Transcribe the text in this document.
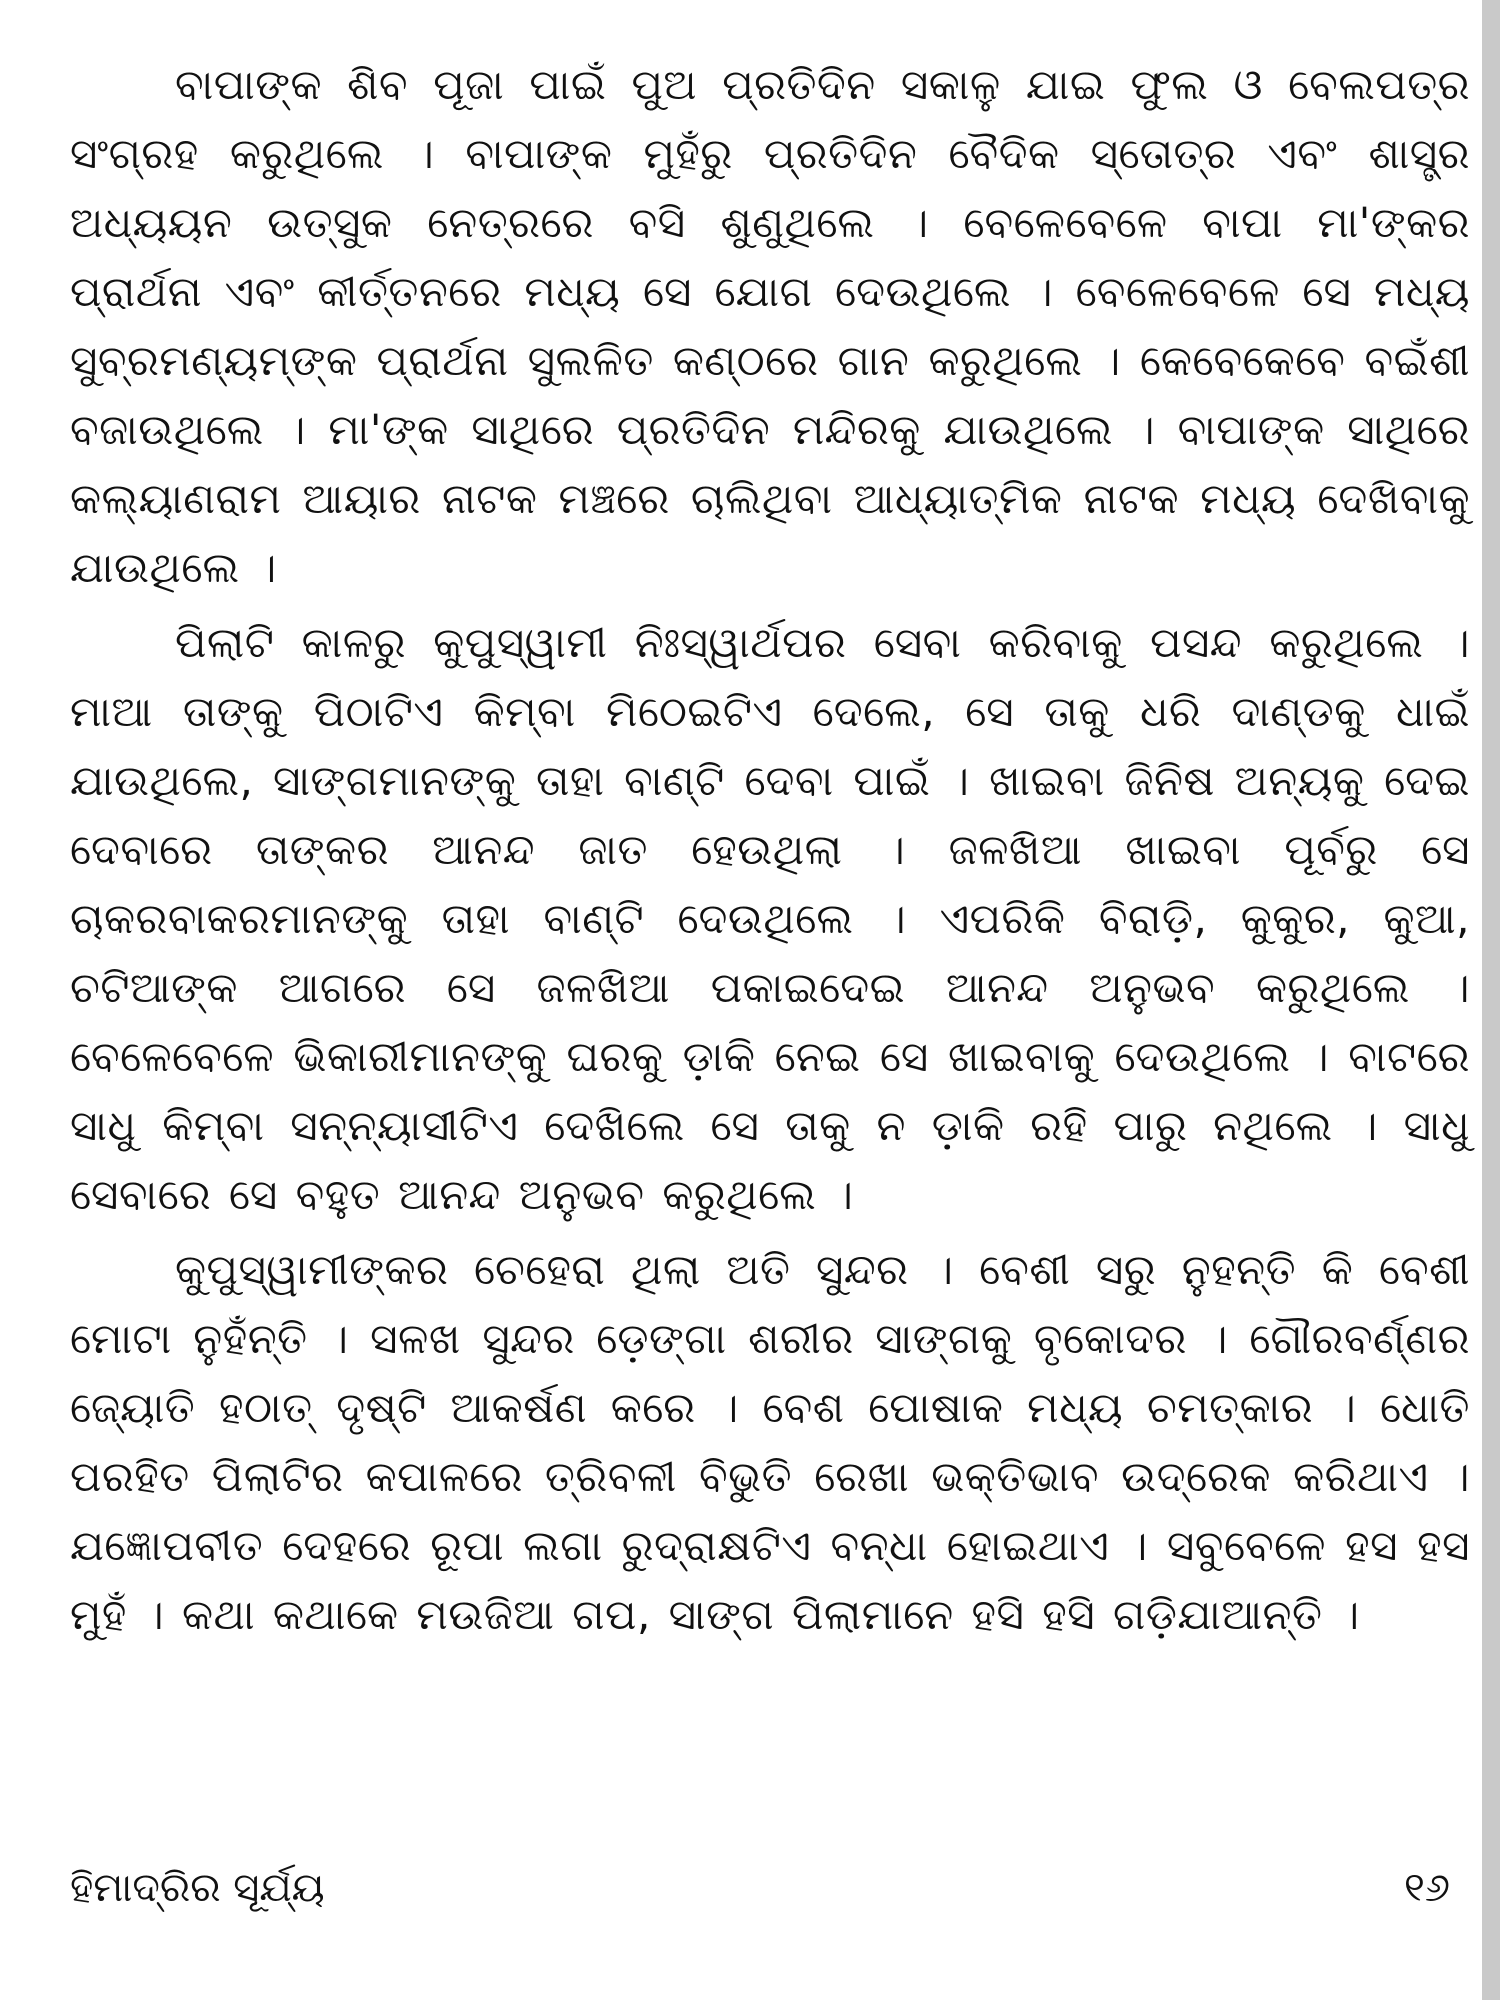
ବାପାଙ୍କ ଶିବ ପୂଜା ପାଇଁ ପୁଅ ପ୍ରତିଦିନ ସକାଳୁ ଯାଇ ଫୁଲ ଓ ବେଲପତ୍ର ସଂଗ୍ରହ କରୁଥିଲେ । ବାପାଙ୍କ ମୁହଁରୁ ପ୍ରତିଦିନ ବୈଦିକ ସ୍ତୋତ୍ର ଏବଂ ଶାସ୍ତ୍ର ଅଧ୍ୟୟନ ଉତ୍ସୁକ ନେତ୍ରରେ ବସି ଶୁଣୁଥିଲେ । ବେଳେବେଳେ ବାପା ମା'ଙ୍କର ପ୍ରାର୍ଥନା ଏବଂ କୀର୍ତ୍ତନରେ ମଧ୍ୟ ସେ ଯୋଗ ଦେଉଥିଲେ । ବେଳେବେଳେ ସେ ମଧ୍ୟ ସୁବ୍ରମଣ୍ୟମ୍‌ଙ୍କ ପ୍ରାର୍ଥନା ସୁଲଳିତ କଣ୍ଠରେ ଗାନ କରୁଥିଲେ । କେବେକେବେ ବଇଁଶୀ ବଜାଉଥିଲେ । ମା'ଙ୍କ ସାଥିରେ ପ୍ରତିଦିନ ମନ୍ଦିରକୁ ଯାଉଥିଲେ । ବାପାଙ୍କ ସାଥିରେ କଲ୍ୟାଣରାମ ଆୟାର ନାଟକ ମଞ୍ଚରେ ଚାଲିଥିବା ଆଧ୍ୟାତ୍ମିକ ନାଟକ ମଧ୍ୟ ଦେଖିବାକୁ ଯାଉଥିଲେ ।

ପିଲାଟି କାଳରୁ କୁପୁସ୍ୱାମୀ ନିଃସ୍ୱାର୍ଥପର ସେବା କରିବାକୁ ପସନ୍ଦ କରୁଥିଲେ । ମାଆ ତାଙ୍କୁ ପିଠାଟିଏ କିମ୍ବା ମିଠେଇଟିଏ ଦେଲେ, ସେ ତାକୁ ଧରି ଦାଣ୍ଡକୁ ଧାଇଁ ଯାଉଥିଲେ, ସାଙ୍ଗମାନଙ୍କୁ ତାହା ବାଣ୍ଟି ଦେବା ପାଇଁ । ଖାଇବା ଜିନିଷ ଅନ୍ୟକୁ ଦେଇ ଦେବାରେ ତାଙ୍କର ଆନନ୍ଦ ଜାତ ହେଉଥିଲା । ଜଳଖିଆ ଖାଇବା ପୂର୍ବରୁ ସେ ଚାକରବାକରମାନଙ୍କୁ ତାହା ବାଣ୍ଟି ଦେଉଥିଲେ । ଏପରିକି ବିରାଡ଼ି, କୁକୁର, କୁଆ, ଚଟିଆଙ୍କ ଆଗରେ ସେ ଜଳଖିଆ ପକାଇଦେଇ ଆନନ୍ଦ ଅନୁଭବ କରୁଥିଲେ । ବେଳେବେଳେ ଭିକାରୀମାନଙ୍କୁ ଘରକୁ ଡ଼ାକି ନେଇ ସେ ଖାଇବାକୁ ଦେଉଥିଲେ । ବାଟରେ ସାଧୁ କିମ୍ବା ସନ୍ନ୍ୟାସୀଟିଏ ଦେଖିଲେ ସେ ତାକୁ ନ ଡ଼ାକି ରହି ପାରୁ ନଥିଲେ । ସାଧୁ ସେବାରେ ସେ ବହୁତ ଆନନ୍ଦ ଅନୁଭବ କରୁଥିଲେ ।

କୁପୁସ୍ୱାମୀଙ୍କର ଚେହେରା ଥିଲା ଅତି ସୁନ୍ଦର । ବେଶୀ ସରୁ ନୁହନ୍ତି କି ବେଶୀ ମୋଟା ନୁହଁନ୍ତି । ସଳଖ ସୁନ୍ଦର ଡ଼େଙ୍ଗା ଶରୀର ସାଙ୍ଗକୁ ବୃକୋଦର । ଗୌରବର୍ଣ୍ଣର ଜ୍ୟୋତି ହଠାତ୍ ଦୃଷ୍ଟି ଆକର୍ଷଣ କରେ । ବେଶ ପୋଷାକ ମଧ୍ୟ ଚମତ୍କାର । ଧୋତି ପରହିତ ପିଲାଟିର କପାଳରେ ତ୍ରିବଳୀ ବିଭୁତି ରେଖା ଭକ୍ତିଭାବ ଉଦ୍ରେକ କରିଥାଏ । ଯଜ୍ଞୋପବୀତ ଦେହରେ ରୂପା ଲଗା ରୁଦ୍ରାକ୍ଷଟିଏ ବନ୍ଧା ହୋଇଥାଏ । ସବୁବେଳେ ହସ ହସ ମୁହଁ । କଥା କଥାକେ ମଉଜିଆ ଗପ, ସାଙ୍ଗ ପିଲାମାନେ ହସି ହସି ଗଡ଼ିଯାଆନ୍ତି ।

ହିମାଦ୍ରିର ସୂର୍ଯ୍ୟ	୧୬
